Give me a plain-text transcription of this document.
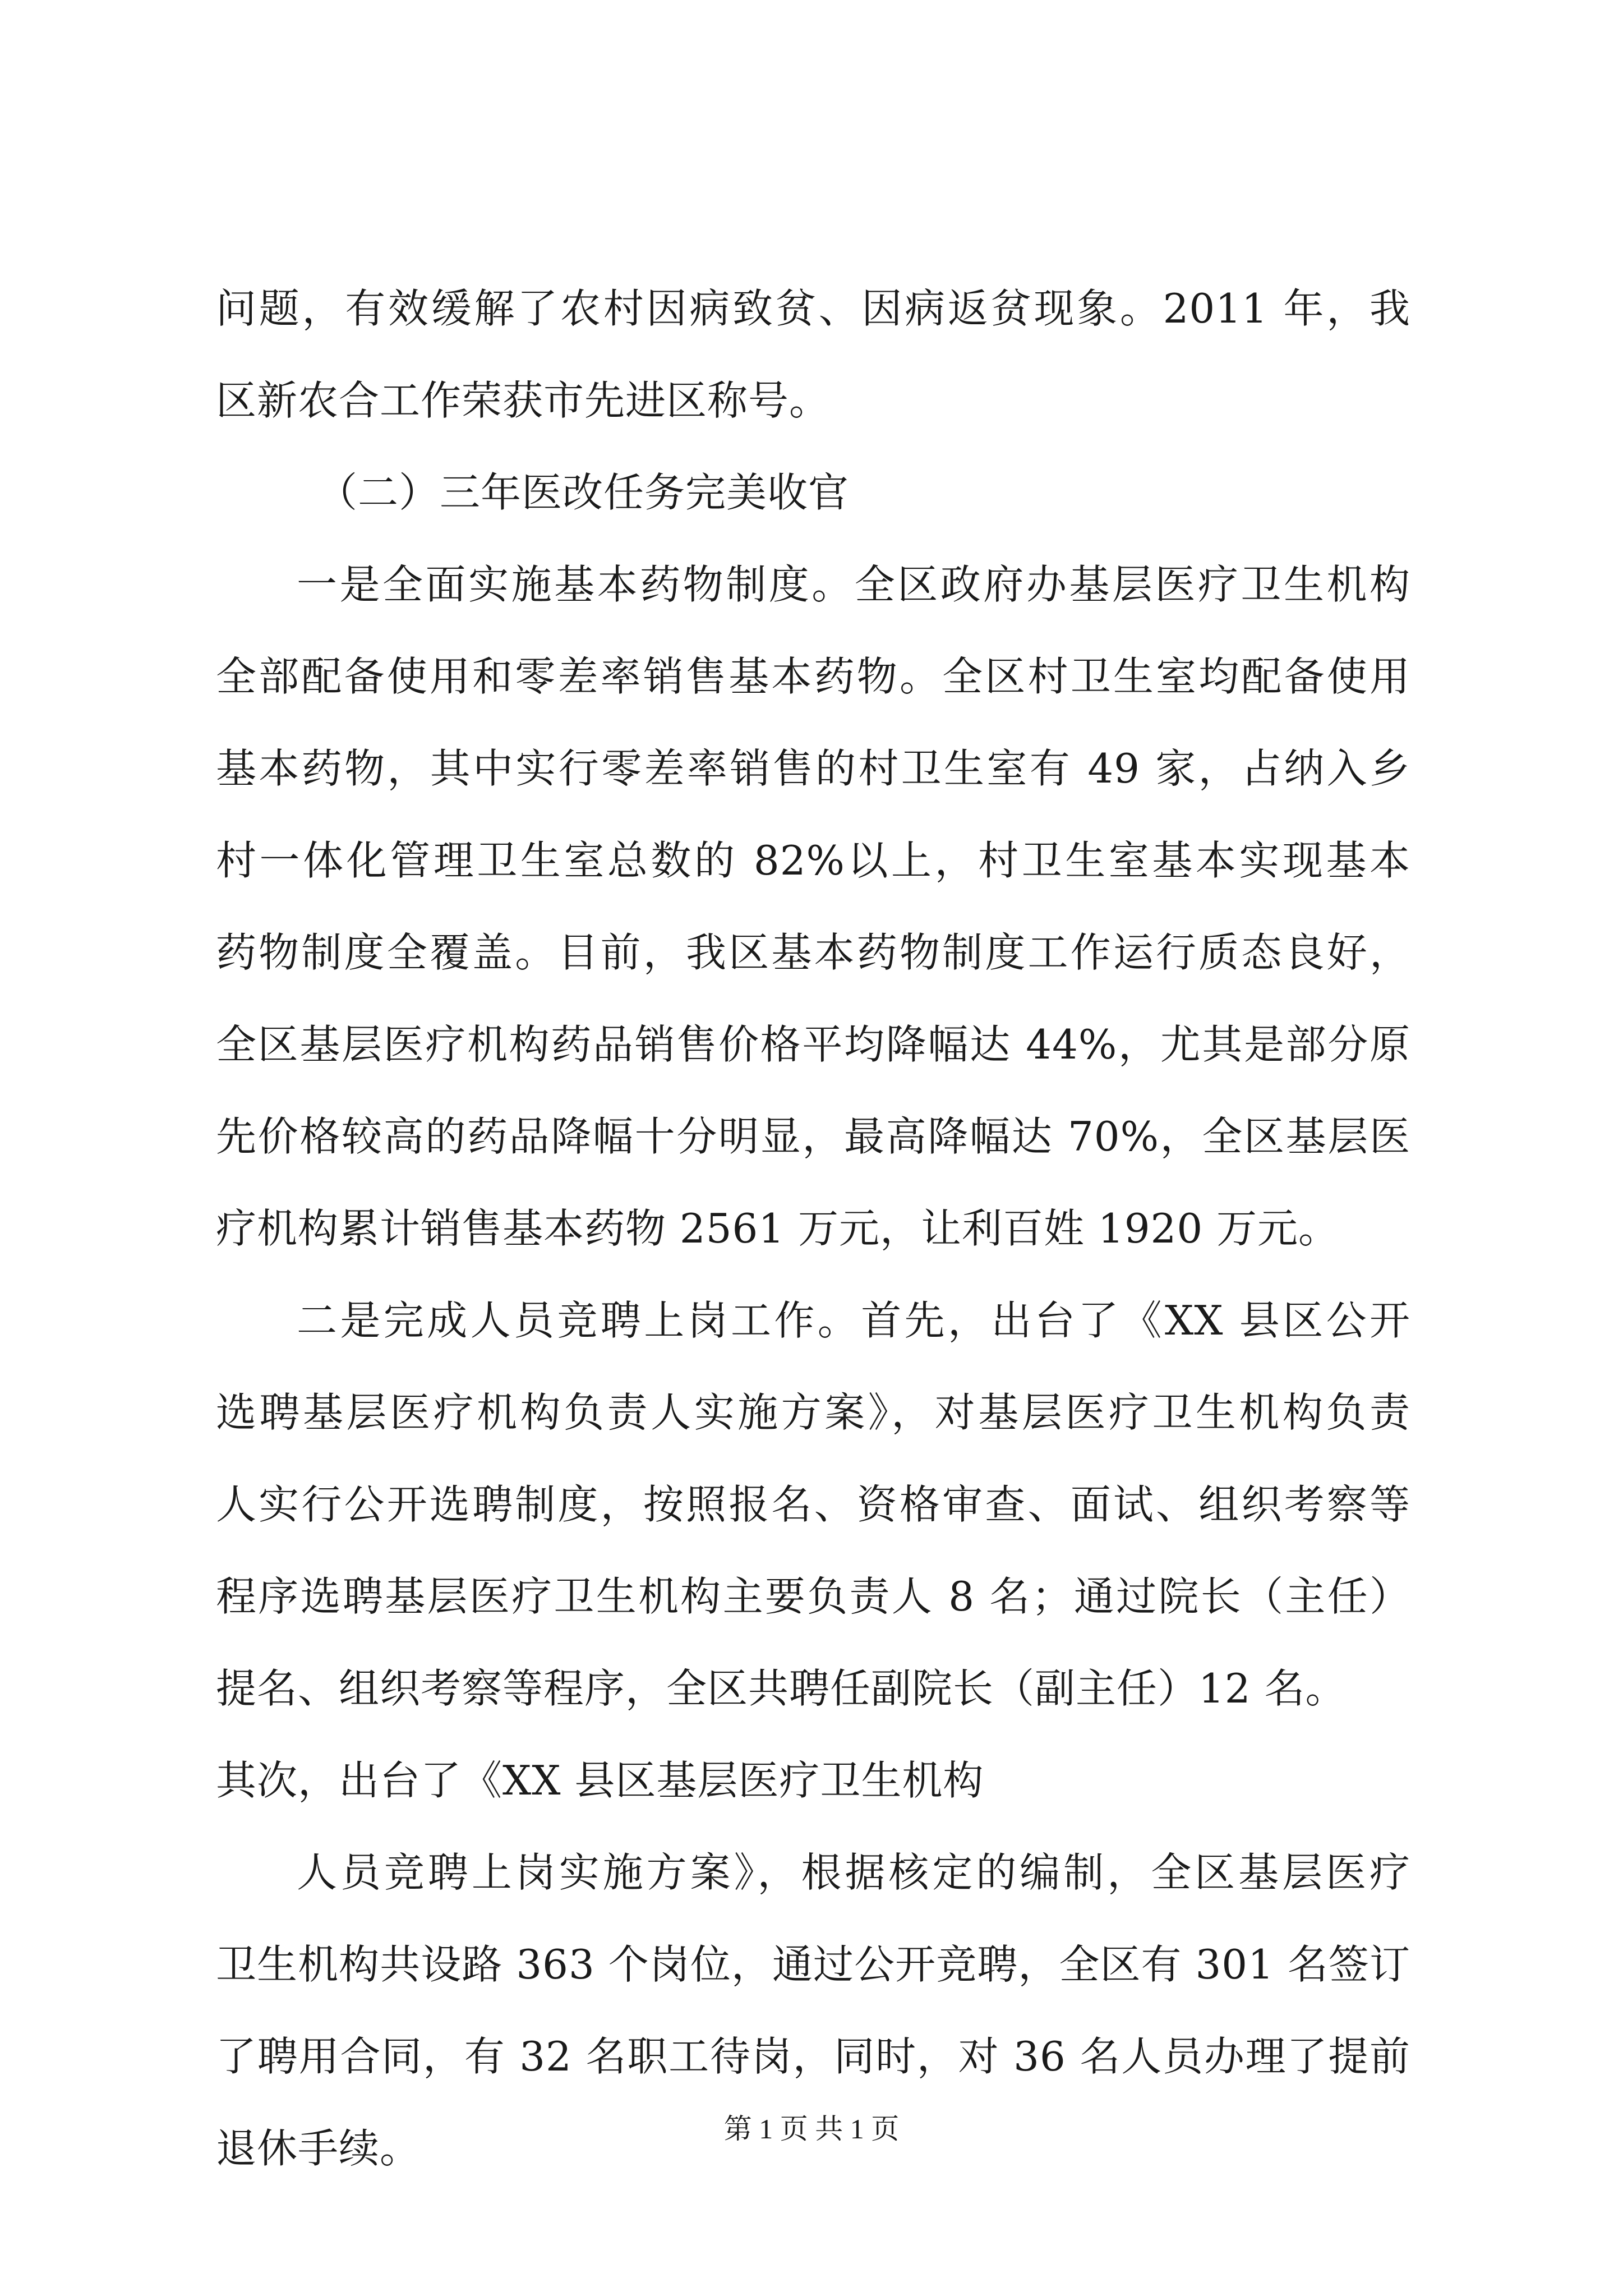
问题，有效缓解了农村因病致贫、因病返贫现象。2011 年，我
区新农合工作荣获市先进区称号。
（二）三年医改任务完美收官
一是全面实施基本药物制度。全区政府办基层医疗卫生机构
全部配备使用和零差率销售基本药物。全区村卫生室均配备使用
基本药物，其中实行零差率销售的村卫生室有 49 家，占纳入乡
村一体化管理卫生室总数的 82%以上，村卫生室基本实现基本
药物制度全覆盖。目前，我区基本药物制度工作运行质态良好，
全区基层医疗机构药品销售价格平均降幅达 44%，尤其是部分原
先价格较高的药品降幅十分明显，最高降幅达 70%，全区基层医
疗机构累计销售基本药物 2561 万元，让利百姓 1920 万元。
二是完成人员竞聘上岗工作。首先，出台了《XX 县区公开
选聘基层医疗机构负责人实施方案》，对基层医疗卫生机构负责
人实行公开选聘制度，按照报名、资格审查、面试、组织考察等
程序选聘基层医疗卫生机构主要负责人 8 名；通过院长（主任）
提名、组织考察等程序，全区共聘任副院长（副主任）12 名。
其次，出台了《XX 县区基层医疗卫生机构
人员竞聘上岗实施方案》，根据核定的编制，全区基层医疗
卫生机构共设路 363 个岗位，通过公开竞聘，全区有 301 名签订
了聘用合同，有 32 名职工待岗，同时，对 36 名人员办理了提前
退休手续。	第 1 页 共 1 页
